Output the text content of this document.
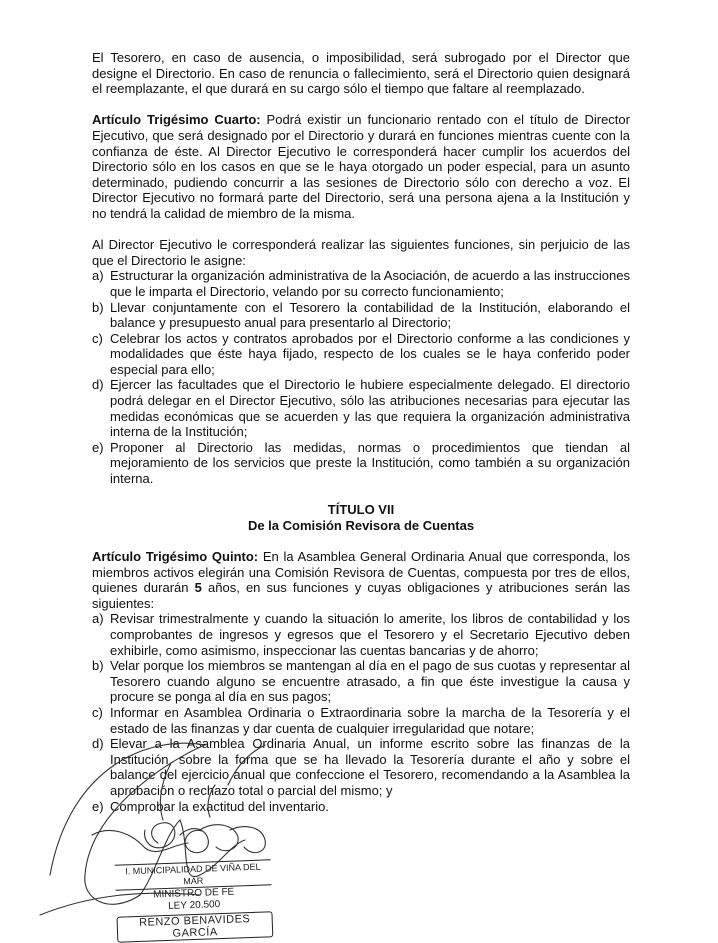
El Tesorero, en caso de ausencia, o imposibilidad, será subrogado por el Director que designe el Directorio. En caso de renuncia o fallecimiento, será el Directorio quien designará el reemplazante, el que durará en su cargo sólo el tiempo que faltare al reemplazado.

Artículo Trigésimo Cuarto: Podrá existir un funcionario rentado con el título de Director Ejecutivo, que será designado por el Directorio y durará en funciones mientras cuente con la confianza de éste. Al Director Ejecutivo le corresponderá hacer cumplir los acuerdos del Directorio sólo en los casos en que se le haya otorgado un poder especial, para un asunto determinado, pudiendo concurrir a las sesiones de Directorio sólo con derecho a voz. El Director Ejecutivo no formará parte del Directorio, será una persona ajena a la Institución y no tendrá la calidad de miembro de la misma.

Al Director Ejecutivo le corresponderá realizar las siguientes funciones, sin perjuicio de las que el Directorio le asigne:

a) Estructurar la organización administrativa de la Asociación, de acuerdo a las instrucciones que le imparta el Directorio, velando por su correcto funcionamiento;
b) Llevar conjuntamente con el Tesorero la contabilidad de la Institución, elaborando el balance y presupuesto anual para presentarlo al Directorio;
c) Celebrar los actos y contratos aprobados por el Directorio conforme a las condiciones y modalidades que éste haya fijado, respecto de los cuales se le haya conferido poder especial para ello;
d) Ejercer las facultades que el Directorio le hubiere especialmente delegado. El directorio podrá delegar en el Director Ejecutivo, sólo las atribuciones necesarias para ejecutar las medidas económicas que se acuerden y las que requiera la organización administrativa interna de la Institución;
e) Proponer al Directorio las medidas, normas o procedimientos que tiendan al mejoramiento de los servicios que preste la Institución, como también a su organización interna.
TÍTULO VII
De la Comisión Revisora de Cuentas

Artículo Trigésimo Quinto: En la Asamblea General Ordinaria Anual que corresponda, los miembros activos elegirán una Comisión Revisora de Cuentas, compuesta por tres de ellos, quienes durarán 5 años, en sus funciones y cuyas obligaciones y atribuciones serán las siguientes:

a) Revisar trimestralmente y cuando la situación lo amerite, los libros de contabilidad y los comprobantes de ingresos y egresos que el Tesorero y el Secretario Ejecutivo deben exhibirle, como asimismo, inspeccionar las cuentas bancarias y de ahorro;
b) Velar porque los miembros se mantengan al día en el pago de sus cuotas y representar al Tesorero cuando alguno se encuentre atrasado, a fin que éste investigue la causa y procure se ponga al día en sus pagos;
c) Informar en Asamblea Ordinaria o Extraordinaria sobre la marcha de la Tesorería y el estado de las finanzas y dar cuenta de cualquier irregularidad que notare;
d) Elevar a la Asamblea Ordinaria Anual, un informe escrito sobre las finanzas de la Institución, sobre la forma que se ha llevado la Tesorería durante el año y sobre el balance del ejercicio anual que confeccione el Tesorero, recomendando a la Asamblea la aprobación o rechazo total o parcial del mismo; y
e) Comprobar la exactitud del inventario.
I. MUNICIPALIDAD DE VIÑA DEL MAR
MINISTRO DE FE
LEY 20.500
RENZO BENAVIDES GARCÍA
